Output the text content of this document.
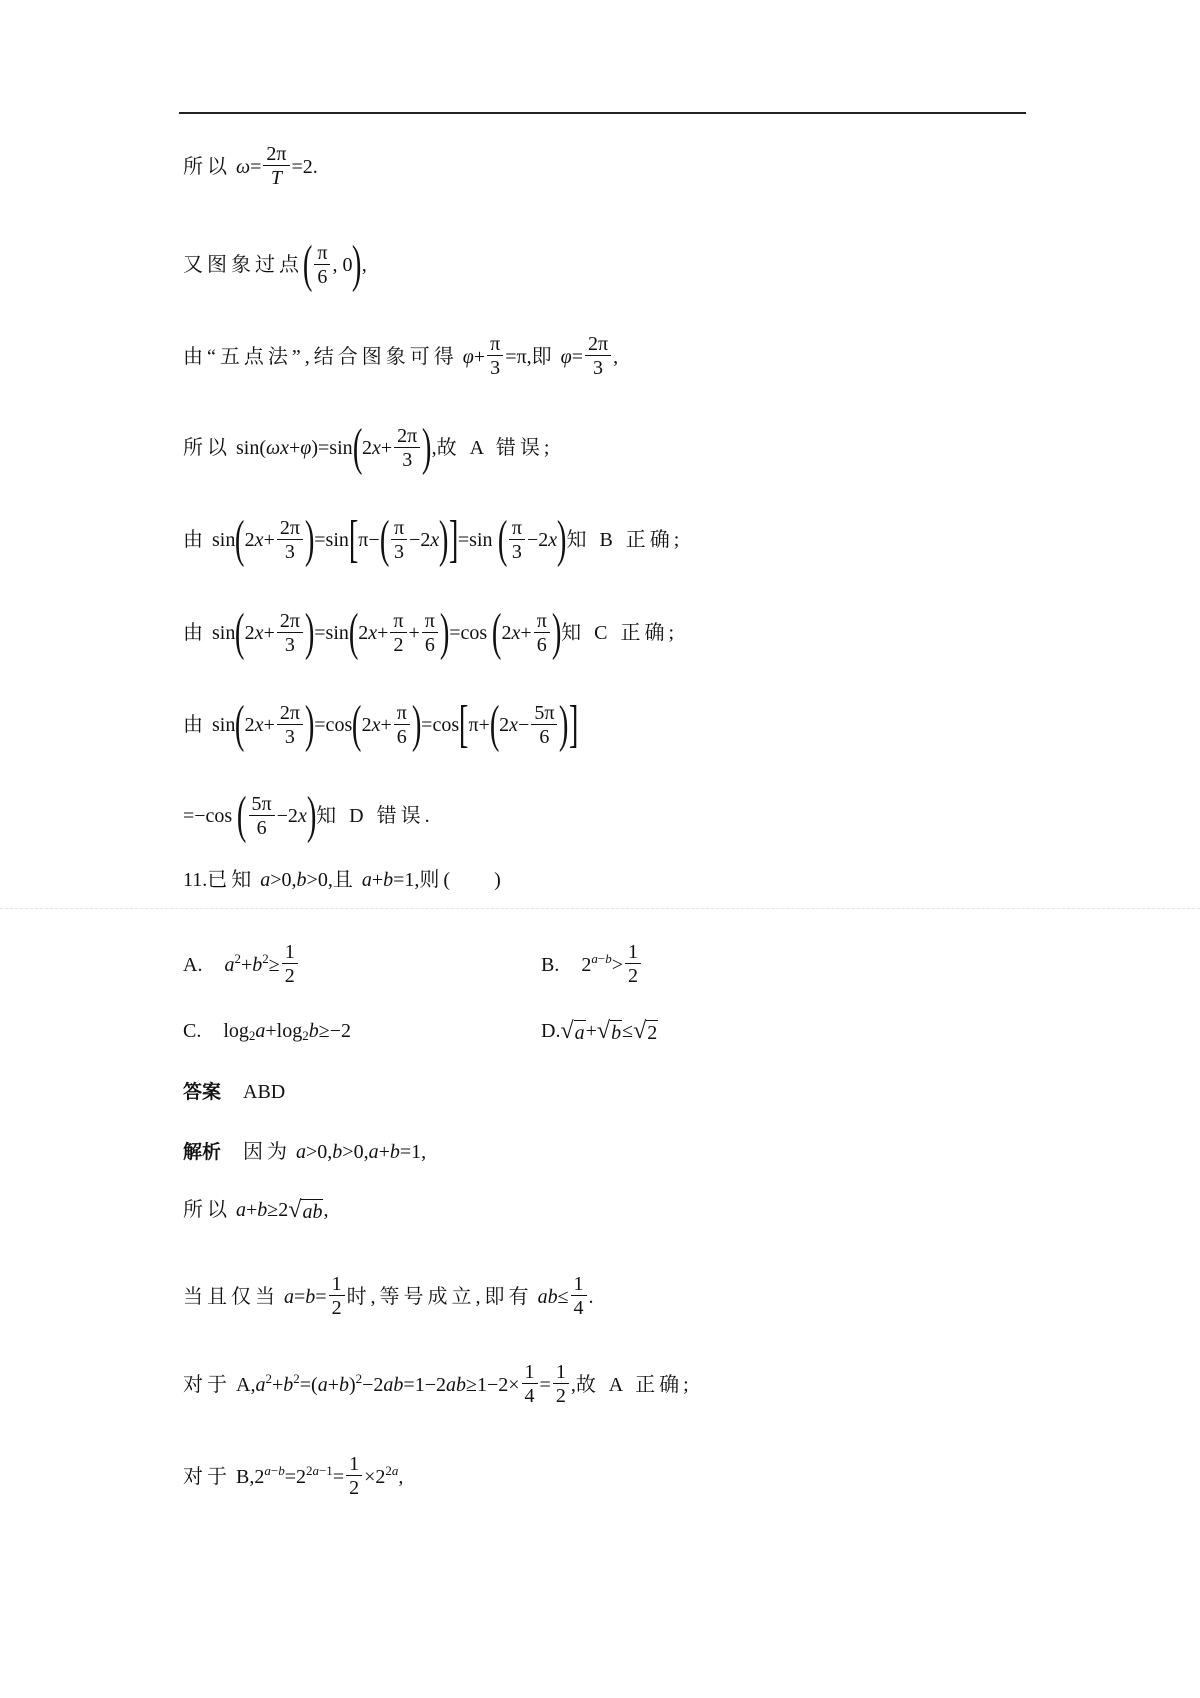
所以
ω =
2π
T
=2.
又图象过点 ( π
6
, 0 ) ,
由“五点法”,结合图象可得
φ +
π
3
=π, 即
φ =
2π
3
,
所以 sin( ωx + φ )=sin ( 2 x +
2π
3 ) , 故 A 错误;
由 sin ( 2 x +
2π
3 ) =sin [ π− ( π
3
−2 x ) ] =sin ( π
3
−2 x ) 知 B 正确;
由 sin ( 2 x +
2π
3 ) =sin ( 2 x +
π
2
+
π
6 ) =cos ( 2 x +
π
6 ) 知 C 正确;
由 sin ( 2 x +
2π
3 ) =cos ( 2 x +
π
6 ) =cos [ π+ ( 2 x −
5π
6 ) ]
=−cos ( 5π
6
−2 x ) 知 D 错误.
11. 已知
a >0, b >0, 且
a + b =1, 则 ( )
A. $a^2 + b^2$ ≥
1
2
B. 2 $^{a-b}$ >
1
2
C. $\log_2 a +\log_2$ b ≥−2	D. √ a + √ b ≤ √ 2
答案 ABD
解析 因为
a >0, b >0, a + b =1,
所以
a + b ≥2 √ ab ,
当且仅当
a = b =
1
2
时,等号成立,即有
ab ≤
1
4
.
对于 A, $a^2 + b^2$ =( a + b )$^2$ −2 ab =1−2 ab ≥1−2×
1
4
=
1
2
, 故 A 正确;
对于 B,2 $^{a-b} =2^{2a-1}$ =
1
2
$\times 2^{2a}$ ,
